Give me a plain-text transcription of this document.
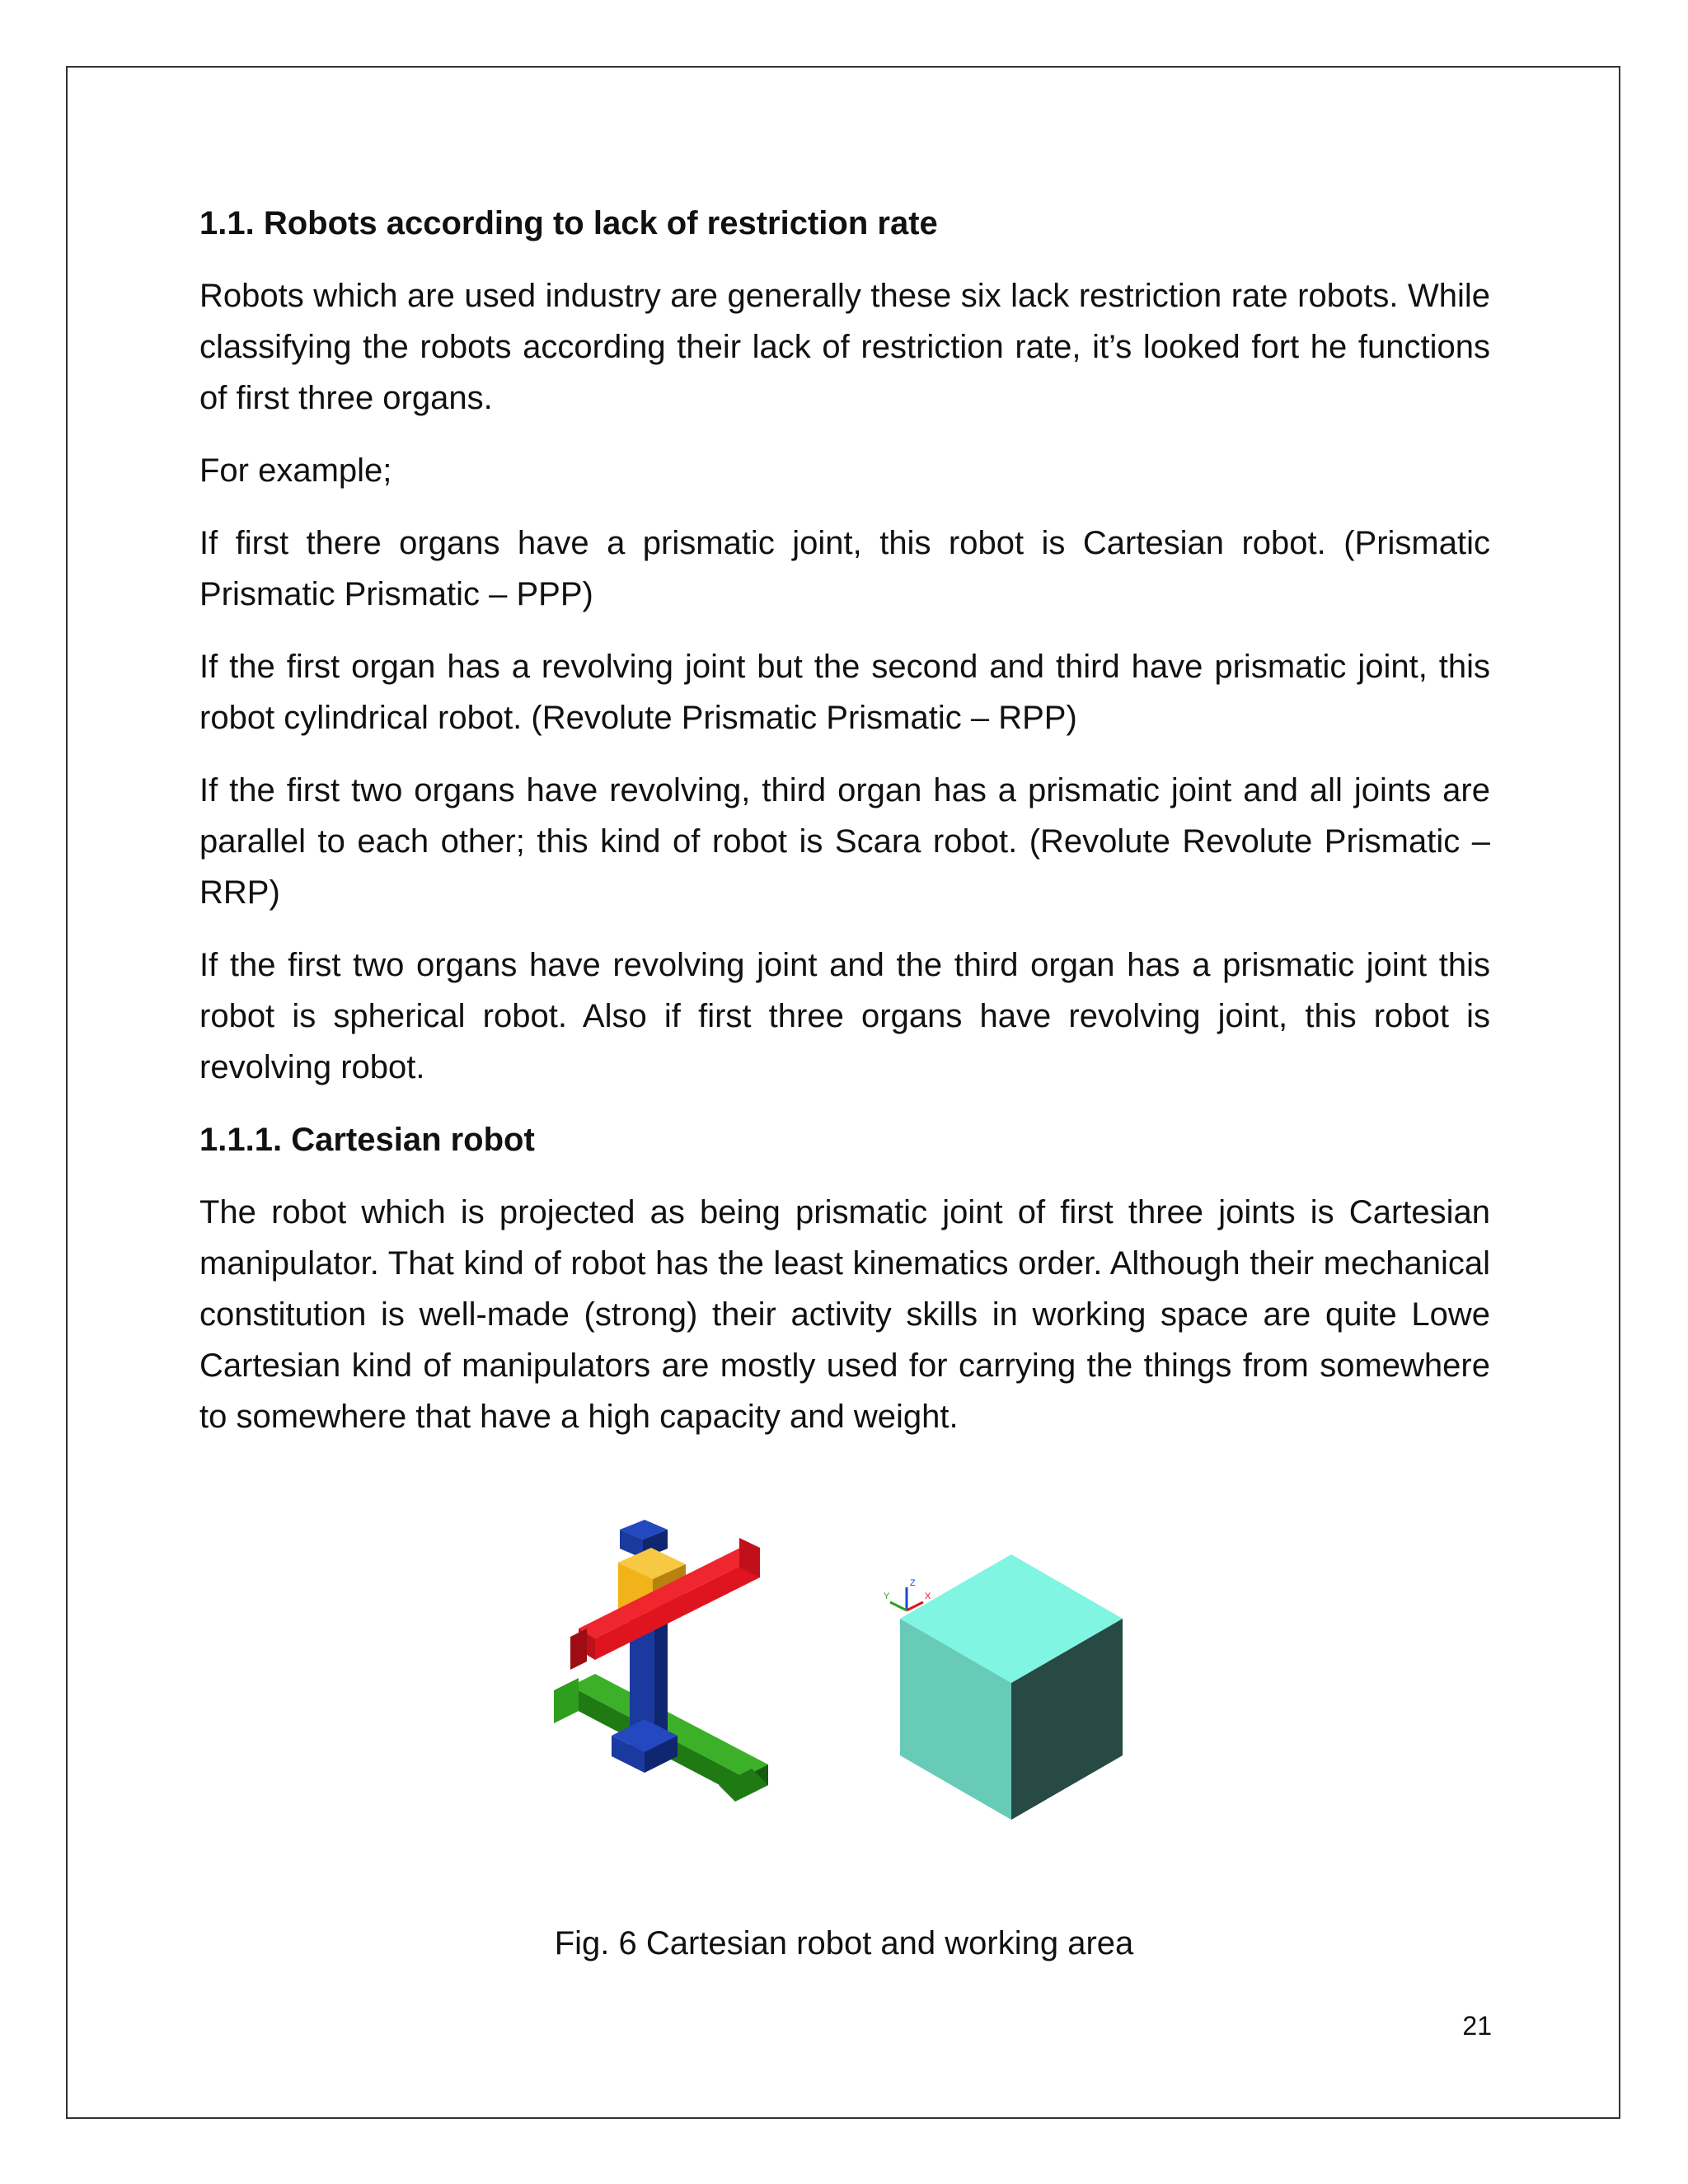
1.1. Robots according to lack of restriction rate

Robots which are used industry are generally these six lack restriction rate robots. While classifying the robots according their lack of restriction rate, it’s looked fort he functions of first three organs.

For example;

If first there organs have a prismatic joint, this robot is Cartesian robot. (Prismatic Prismatic Prismatic – PPP)

If the first organ has a revolving joint but the second and third have prismatic joint, this robot cylindrical robot. (Revolute Prismatic Prismatic – RPP)

If the first two organs have revolving, third organ has a prismatic joint and all joints are parallel to each other; this kind of robot is Scara robot. (Revolute Revolute Prismatic – RRP)

If the first two organs have revolving joint and the third organ has a prismatic joint this robot is spherical robot. Also if first three organs have revolving joint, this robot is revolving robot.

1.1.1. Cartesian robot

The robot which is projected as being prismatic joint of first three joints is Cartesian manipulator. That kind of robot has the least kinematics order. Although their mechanical constitution is well-made (strong) their activity skills in working space are quite Lowe Cartesian kind of manipulators are mostly used for carrying the things from somewhere to somewhere that have a high capacity and weight.

Z
X
Y
Fig. 6 Cartesian robot and working area
21
